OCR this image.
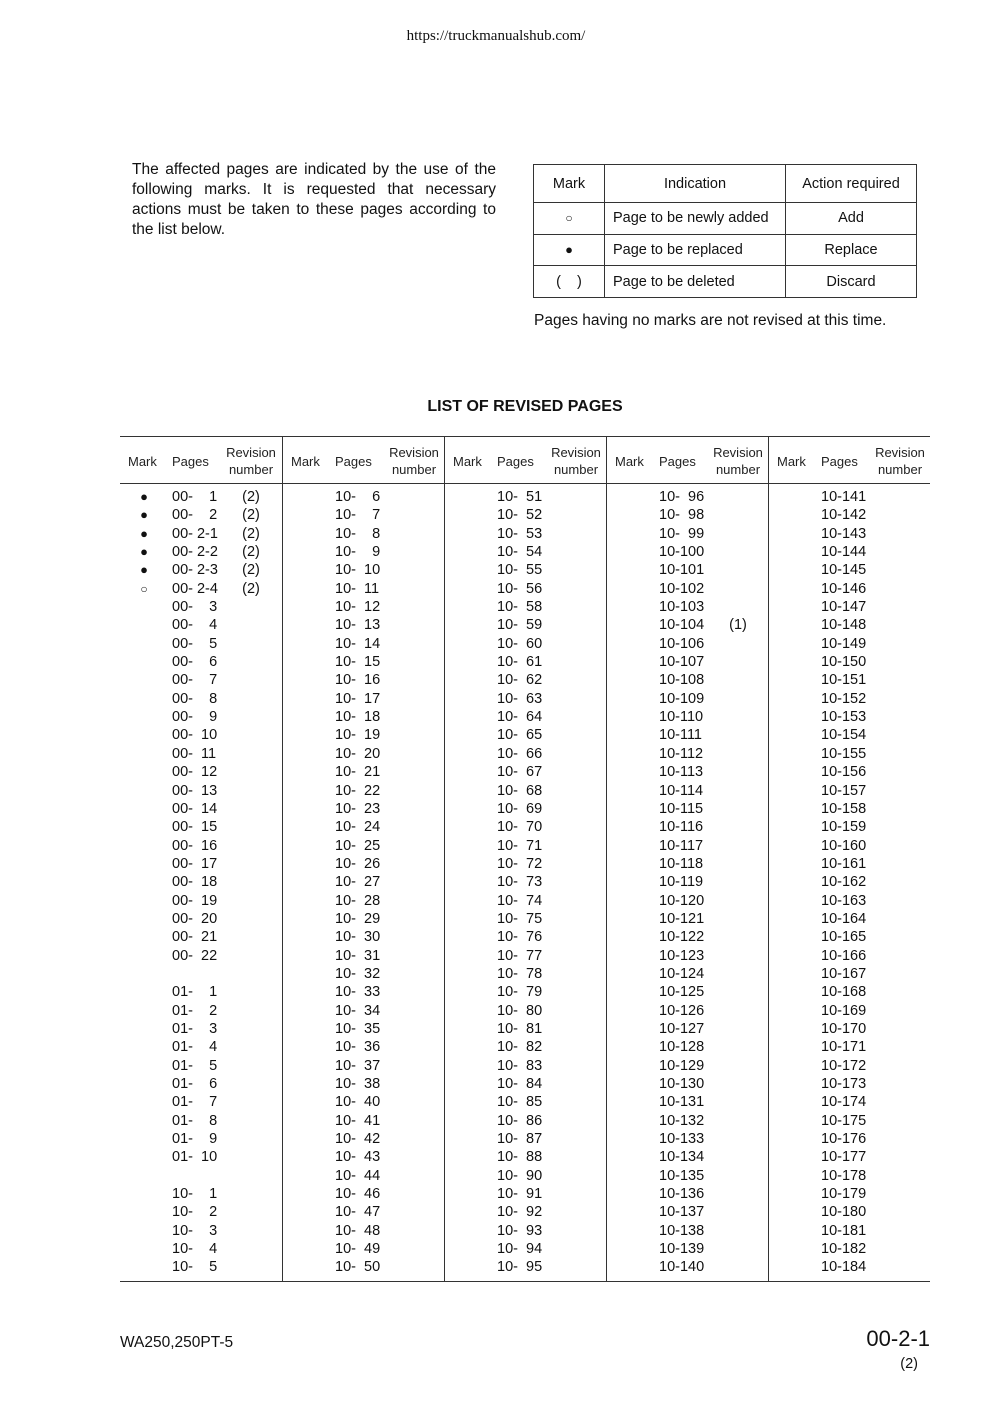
https://truckmanualshub.com/
The affected pages are indicated by the use of the following marks. It is requested that necessary actions must be taken to these pages according to the list below.
Mark	Indication	Action required
○	Page to be newly added	Add
●	Page to be replaced	Replace
(    )	Page to be deleted	Discard
Pages having no marks are not revised at this time.
LIST OF REVISED PAGES
Mark Pages
Revision
number
●	00-    1	(2)
●	00-    2	(2)
●	00- 2-1	(2)
●	00- 2-2	(2)
●	00- 2-3	(2)
○	00- 2-4	(2)
00-    3
00-    4
00-    5
00-    6
00-    7
00-    8
00-    9
00-  10
00-  11
00-  12
00-  13
00-  14
00-  15
00-  16
00-  17
00-  18
00-  19
00-  20
00-  21
00-  22
01-    1
01-    2
01-    3
01-    4
01-    5
01-    6
01-    7
01-    8
01-    9
01-  10
10-    1
10-    2
10-    3
10-    4
10-    5
Mark Pages
Revision
number
10-    6
10-    7
10-    8
10-    9
10-  10
10-  11
10-  12
10-  13
10-  14
10-  15
10-  16
10-  17
10-  18
10-  19
10-  20
10-  21
10-  22
10-  23
10-  24
10-  25
10-  26
10-  27
10-  28
10-  29
10-  30
10-  31
10-  32
10-  33
10-  34
10-  35
10-  36
10-  37
10-  38
10-  40
10-  41
10-  42
10-  43
10-  44
10-  46
10-  47
10-  48
10-  49
10-  50
Mark Pages
Revision
number
10-  51
10-  52
10-  53
10-  54
10-  55
10-  56
10-  58
10-  59
10-  60
10-  61
10-  62
10-  63
10-  64
10-  65
10-  66
10-  67
10-  68
10-  69
10-  70
10-  71
10-  72
10-  73
10-  74
10-  75
10-  76
10-  77
10-  78
10-  79
10-  80
10-  81
10-  82
10-  83
10-  84
10-  85
10-  86
10-  87
10-  88
10-  90
10-  91
10-  92
10-  93
10-  94
10-  95
Mark Pages
Revision
number
10-  96
10-  98
10-  99
10-100
10-101
10-102
10-103
10-104	(1)
10-106
10-107
10-108
10-109
10-110
10-111
10-112
10-113
10-114
10-115
10-116
10-117
10-118
10-119
10-120
10-121
10-122
10-123
10-124
10-125
10-126
10-127
10-128
10-129
10-130
10-131
10-132
10-133
10-134
10-135
10-136
10-137
10-138
10-139
10-140
Mark Pages
Revision
number
10-141
10-142
10-143
10-144
10-145
10-146
10-147
10-148
10-149
10-150
10-151
10-152
10-153
10-154
10-155
10-156
10-157
10-158
10-159
10-160
10-161
10-162
10-163
10-164
10-165
10-166
10-167
10-168
10-169
10-170
10-171
10-172
10-173
10-174
10-175
10-176
10-177
10-178
10-179
10-180
10-181
10-182
10-184
WA250,250PT-5	00-2-1
(2)
